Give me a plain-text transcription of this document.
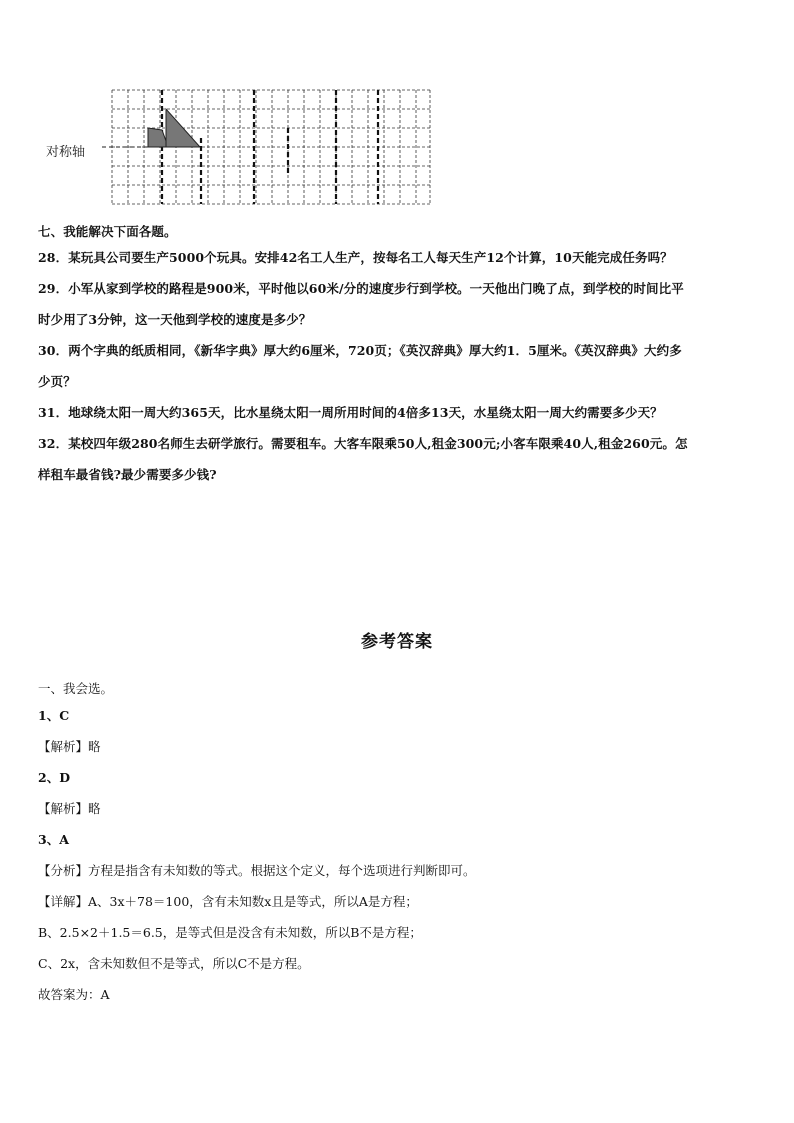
对称轴
七、我能解决下面各题。
28．某玩具公司要生产5000个玩具。安排42名工人生产，按每名工人每天生产12个计算，10天能完成任务吗？
29．小军从家到学校的路程是900米，平时他以60米/分的速度步行到学校。一天他出门晚了点，到学校的时间比平
时少用了3分钟，这一天他到学校的速度是多少？
30．两个字典的纸质相同，《新华字典》厚大约6厘米，720页；《英汉辞典》厚大约1．5厘米。《英汉辞典》大约多
少页？
31．地球绕太阳一周大约365天，比水星绕太阳一周所用时间的4倍多13天，水星绕太阳一周大约需要多少天？
32．某校四年级280名师生去研学旅行。需要租车。大客车限乘50人,租金300元;小客车限乘40人,租金260元。怎
样租车最省钱?最少需要多少钱?
参考答案
一、我会选。
1、C
【解析】略
2、D
【解析】略
3、A
【分析】方程是指含有未知数的等式。根据这个定义，每个选项进行判断即可。
【详解】A、3x＋78＝100，含有未知数x且是等式，所以A是方程；
B、2.5×2＋1.5＝6.5，是等式但是没含有未知数，所以B不是方程；
C、2x，含未知数但不是等式，所以C不是方程。
故答案为：A
